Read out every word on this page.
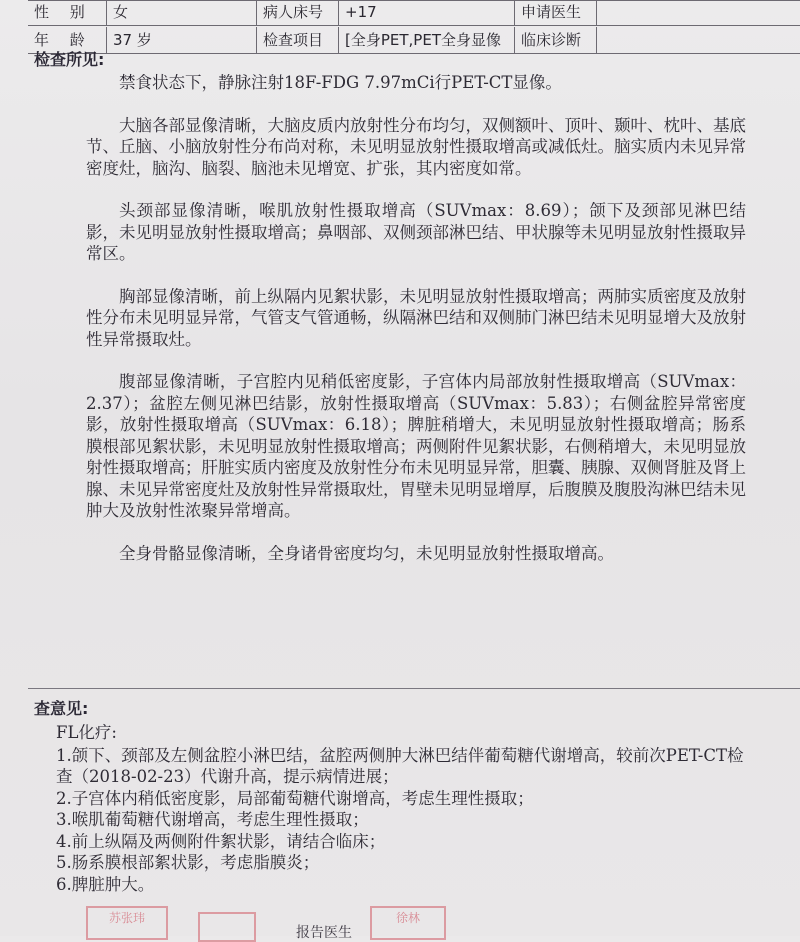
性 别	女	病人床号	+17	申请医生
年 龄	37 岁	检查项目	[全身PET,PET全身显像	临床诊断
检查所见:

禁食状态下，静脉注射18F-FDG 7.97mCi行PET-CT显像。

大脑各部显像清晰，大脑皮质内放射性分布均匀，双侧额叶、顶叶、颞叶、枕叶、基底节、丘脑、小脑放射性分布尚对称，未见明显放射性摄取增高或减低灶。脑实质内未见异常密度灶，脑沟、脑裂、脑池未见增宽、扩张，其内密度如常。

头颈部显像清晰，喉肌放射性摄取增高（SUVmax：8.69）；颌下及颈部见淋巴结影，未见明显放射性摄取增高；鼻咽部、双侧颈部淋巴结、甲状腺等未见明显放射性摄取异常区。

胸部显像清晰，前上纵隔内见絮状影，未见明显放射性摄取增高；两肺实质密度及放射性分布未见明显异常，气管支气管通畅，纵隔淋巴结和双侧肺门淋巴结未见明显增大及放射性异常摄取灶。

腹部显像清晰，子宫腔内见稍低密度影，子宫体内局部放射性摄取增高（SUVmax：2.37）；盆腔左侧见淋巴结影，放射性摄取增高（SUVmax：5.83）；右侧盆腔异常密度影，放射性摄取增高（SUVmax：6.18）；脾脏稍增大，未见明显放射性摄取增高；肠系膜根部见絮状影，未见明显放射性摄取增高；两侧附件见絮状影，右侧稍增大，未见明显放射性摄取增高；肝脏实质内密度及放射性分布未见明显异常，胆囊、胰腺、双侧肾脏及肾上腺、未见异常密度灶及放射性异常摄取灶，胃壁未见明显增厚，后腹膜及腹股沟淋巴结未见肿大及放射性浓聚异常增高。

全身骨骼显像清晰，全身诸骨密度均匀，未见明显放射性摄取增高。

查意见:
FL化疗:
1.颌下、颈部及左侧盆腔小淋巴结，盆腔两侧肿大淋巴结伴葡萄糖代谢增高，较前次PET-CT检查（2018-02-23）代谢升高，提示病情进展；
2.子宫体内稍低密度影，局部葡萄糖代谢增高，考虑生理性摄取；
3.喉肌葡萄糖代谢增高，考虑生理性摄取；
4.前上纵隔及两侧附件絮状影，请结合临床；
5.肠系膜根部絮状影，考虑脂膜炎；
6.脾脏肿大。
苏张玮	徐林
报告医生
